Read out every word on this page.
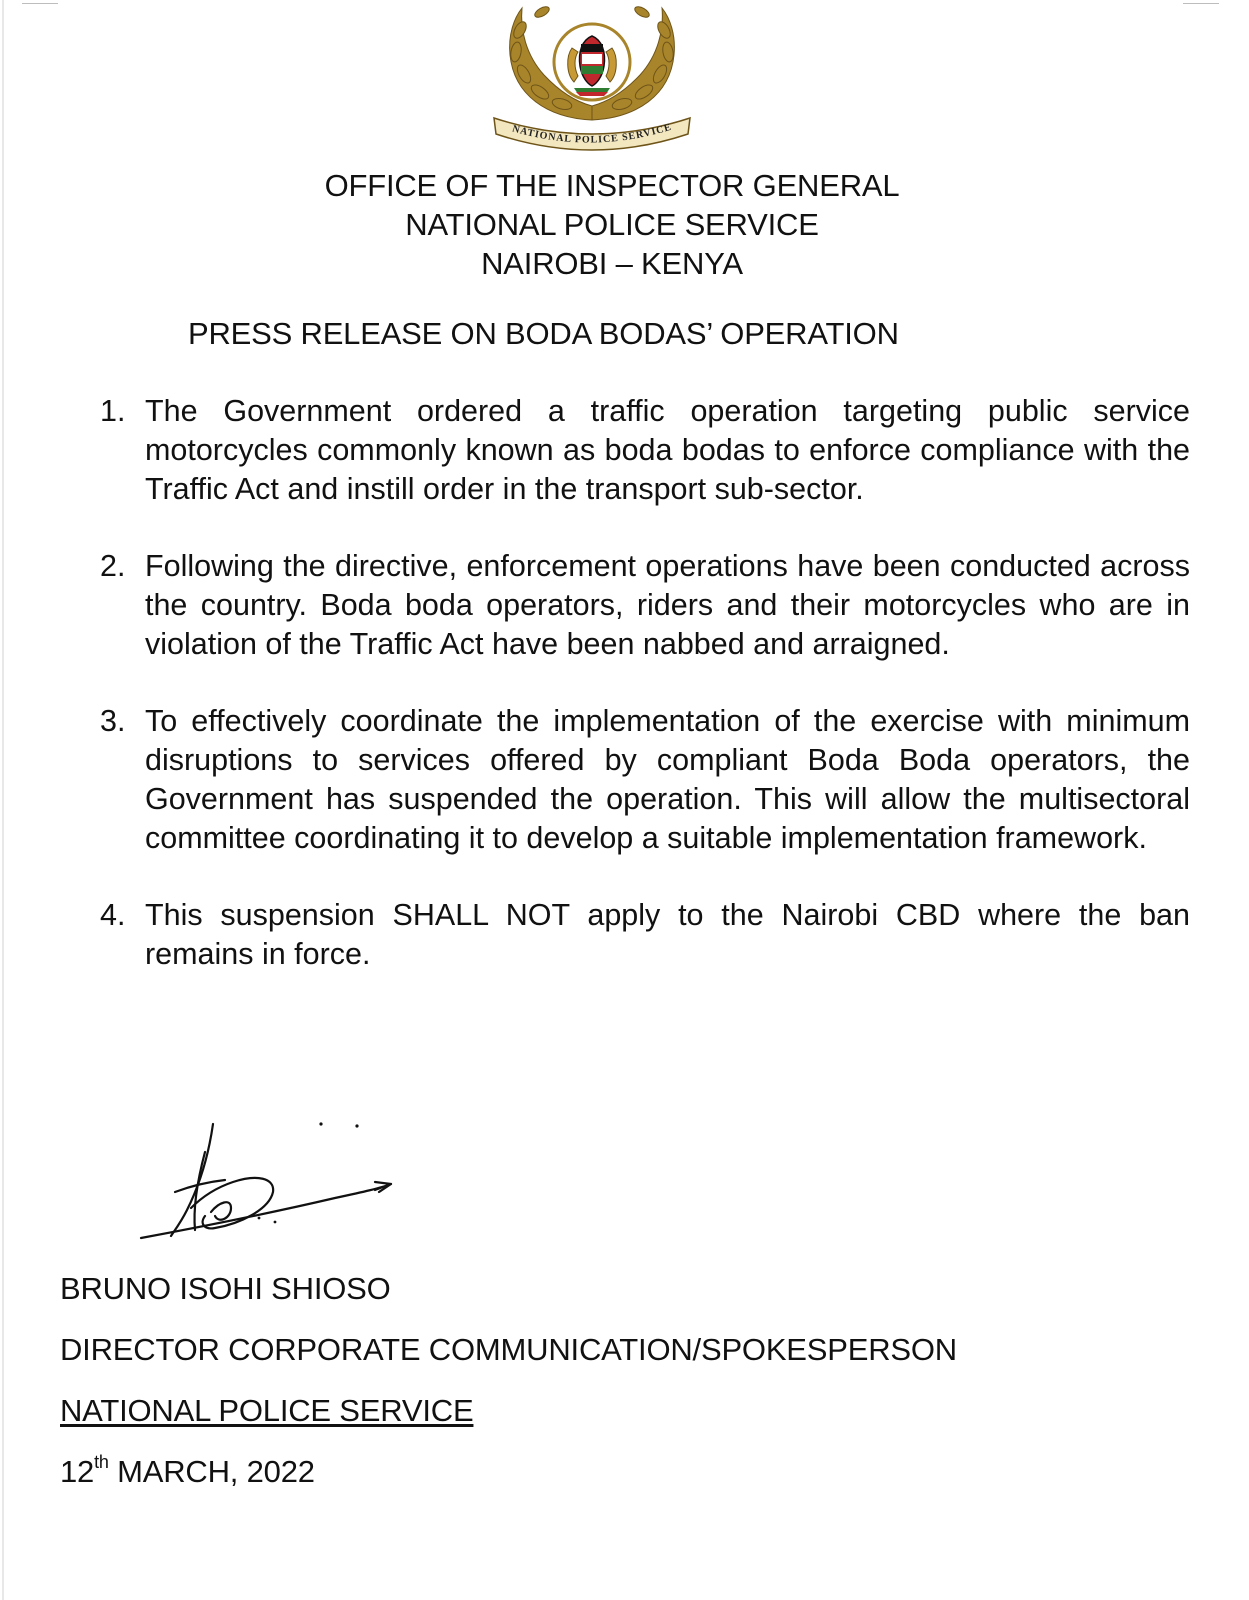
NATIONAL POLICE SERVICE
OFFICE OF THE INSPECTOR GENERAL
NATIONAL POLICE SERVICE
NAIROBI – KENYA
PRESS RELEASE ON BODA BODAS’ OPERATION
1. The Government ordered a traffic operation targeting public service motorcycles commonly known as boda bodas to enforce compliance with the Traffic Act and instill order in the transport sub-sector.
2. Following the directive, enforcement operations have been conducted across the country. Boda boda operators, riders and their motorcycles who are in violation of the Traffic Act have been nabbed and arraigned.
3. To effectively coordinate the implementation of the exercise with minimum disruptions to services offered by compliant Boda Boda operators, the Government has suspended the operation. This will allow the multisectoral committee coordinating it to develop a suitable implementation framework.
4. This suspension SHALL NOT apply to the Nairobi CBD where the ban remains in force.
BRUNO ISOHI SHIOSO
DIRECTOR CORPORATE COMMUNICATION/SPOKESPERSON
NATIONAL POLICE SERVICE
12th MARCH, 2022
